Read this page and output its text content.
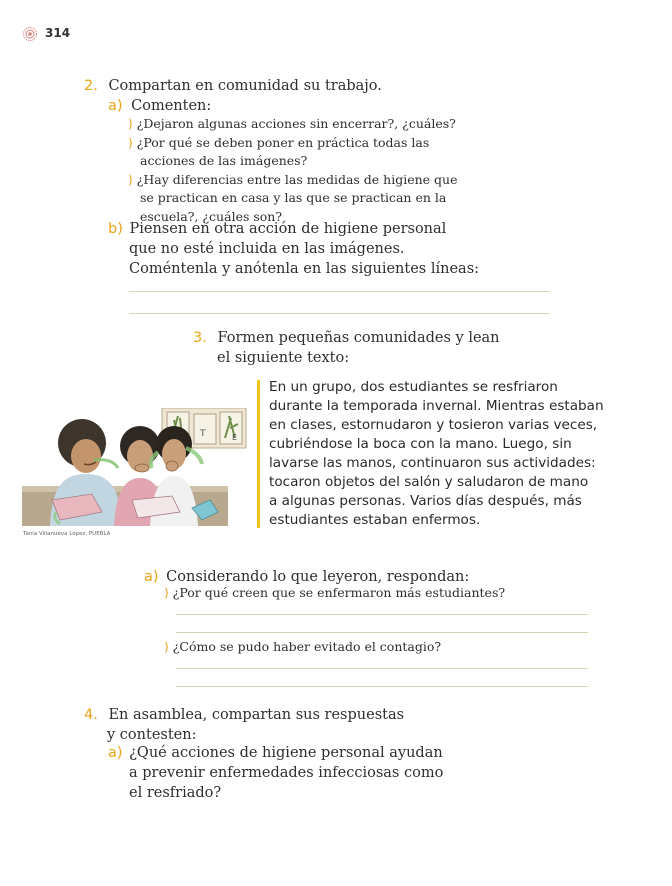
314
2. Compartan en comunidad su trabajo.
a) Comenten:
) ¿Dejaron algunas acciones sin encerrar?, ¿cuáles?
) ¿Por qué se deben poner en práctica todas las
acciones de las imágenes?
) ¿Hay diferencias entre las medidas de higiene que
se practican en casa y las que se practican en la
escuela?, ¿cuáles son?
b) Piensen en otra acción de higiene personal
que no esté incluida en las imágenes.
Coméntenla y anótenla en las siguientes líneas:
3. Formen pequeñas comunidades y lean
el siguiente texto:
En un grupo, dos estudiantes se resfriaron
durante la temporada invernal. Mientras estaban
en clases, estornudaron y tosieron varias veces,
cubriéndose la boca con la mano. Luego, sin
lavarse las manos, continuaron sus actividades:
tocaron objetos del salón y saludaron de mano
a algunas personas. Varios días después, más
estudiantes estaban enfermos.
T	E
Tania Villanueva López, PUEBLA
a) Considerando lo que leyeron, respondan:
) ¿Por qué creen que se enfermaron más estudiantes?
) ¿Cómo se pudo haber evitado el contagio?
4. En asamblea, compartan sus respuestas
y contesten:
a) ¿Qué acciones de higiene personal ayudan
a prevenir enfermedades infecciosas como
el resfriado?
